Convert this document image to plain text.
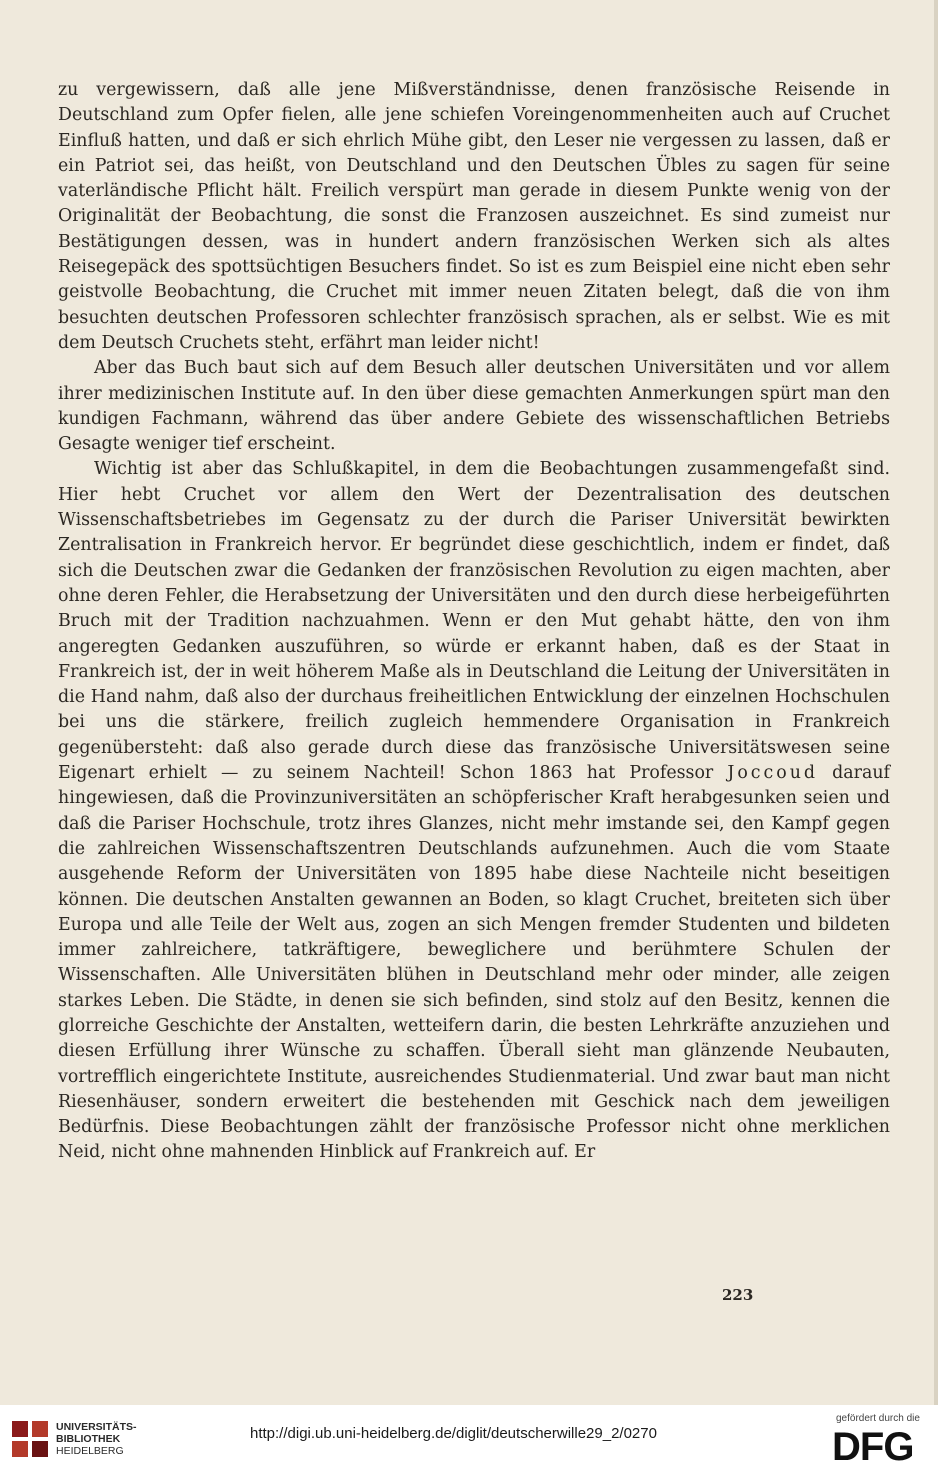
zu vergewissern, daß alle jene Mißverständnisse, denen französische Reisende in Deutschland zum Opfer fielen, alle jene schiefen Voreingenommenheiten auch auf Cruchet Einfluß hatten, und daß er sich ehrlich Mühe gibt, den Leser nie vergessen zu lassen, daß er ein Patriot sei, das heißt, von Deutschland und den Deutschen Übles zu sagen für seine vaterländische Pflicht hält. Freilich verspürt man gerade in diesem Punkte wenig von der Originalität der Beobachtung, die sonst die Franzosen auszeichnet. Es sind zumeist nur Bestätigungen dessen, was in hundert andern französischen Werken sich als altes Reisegepäck des spottsüchtigen Besuchers findet. So ist es zum Beispiel eine nicht eben sehr geistvolle Beobachtung, die Cruchet mit immer neuen Zitaten belegt, daß die von ihm besuchten deutschen Professoren schlechter französisch sprachen, als er selbst. Wie es mit dem Deutsch Cruchets steht, erfährt man leider nicht!

Aber das Buch baut sich auf dem Besuch aller deutschen Universitäten und vor allem ihrer medizinischen Institute auf. In den über diese gemachten Anmerkungen spürt man den kundigen Fachmann, während das über andere Gebiete des wissenschaftlichen Betriebs Gesagte weniger tief erscheint.

Wichtig ist aber das Schlußkapitel, in dem die Beobachtungen zusammengefaßt sind. Hier hebt Cruchet vor allem den Wert der Dezentralisation des deutschen Wissenschaftsbetriebes im Gegensatz zu der durch die Pariser Universität bewirkten Zentralisation in Frankreich hervor. Er begründet diese geschichtlich, indem er findet, daß sich die Deutschen zwar die Gedanken der französischen Revolution zu eigen machten, aber ohne deren Fehler, die Herabsetzung der Universitäten und den durch diese herbeigeführten Bruch mit der Tradition nachzuahmen. Wenn er den Mut gehabt hätte, den von ihm angeregten Gedanken auszuführen, so würde er erkannt haben, daß es der Staat in Frankreich ist, der in weit höherem Maße als in Deutschland die Leitung der Universitäten in die Hand nahm, daß also der durchaus freiheitlichen Entwicklung der einzelnen Hochschulen bei uns die stärkere, freilich zugleich hemmendere Organisation in Frankreich gegenübersteht: daß also gerade durch diese das französische Universitätswesen seine Eigenart erhielt — zu seinem Nachteil! Schon 1863 hat Professor Joccoud darauf hingewiesen, daß die Provinzuniversitäten an schöpferischer Kraft herabgesunken seien und daß die Pariser Hochschule, trotz ihres Glanzes, nicht mehr imstande sei, den Kampf gegen die zahlreichen Wissenschaftszentren Deutschlands aufzunehmen. Auch die vom Staate ausgehende Reform der Universitäten von 1895 habe diese Nachteile nicht beseitigen können. Die deutschen Anstalten gewannen an Boden, so klagt Cruchet, breiteten sich über Europa und alle Teile der Welt aus, zogen an sich Mengen fremder Studenten und bildeten immer zahlreichere, tatkräftigere, beweglichere und berühmtere Schulen der Wissenschaften. Alle Universitäten blühen in Deutschland mehr oder minder, alle zeigen starkes Leben. Die Städte, in denen sie sich befinden, sind stolz auf den Besitz, kennen die glorreiche Geschichte der Anstalten, wetteifern darin, die besten Lehrkräfte anzuziehen und diesen Erfüllung ihrer Wünsche zu schaffen. Überall sieht man glänzende Neubauten, vortrefflich eingerichtete Institute, ausreichendes Studienmaterial. Und zwar baut man nicht Riesenhäuser, sondern erweitert die bestehenden mit Geschick nach dem jeweiligen Bedürfnis. Diese Beobachtungen zählt der französische Professor nicht ohne merklichen Neid, nicht ohne mahnenden Hinblick auf Frankreich auf. Er

223
UNIVERSITÄTS-
BIBLIOTHEK
HEIDELBERG
http://digi.ub.uni-heidelberg.de/diglit/deutscherwille29_2/0270
gefördert durch die
DFG
